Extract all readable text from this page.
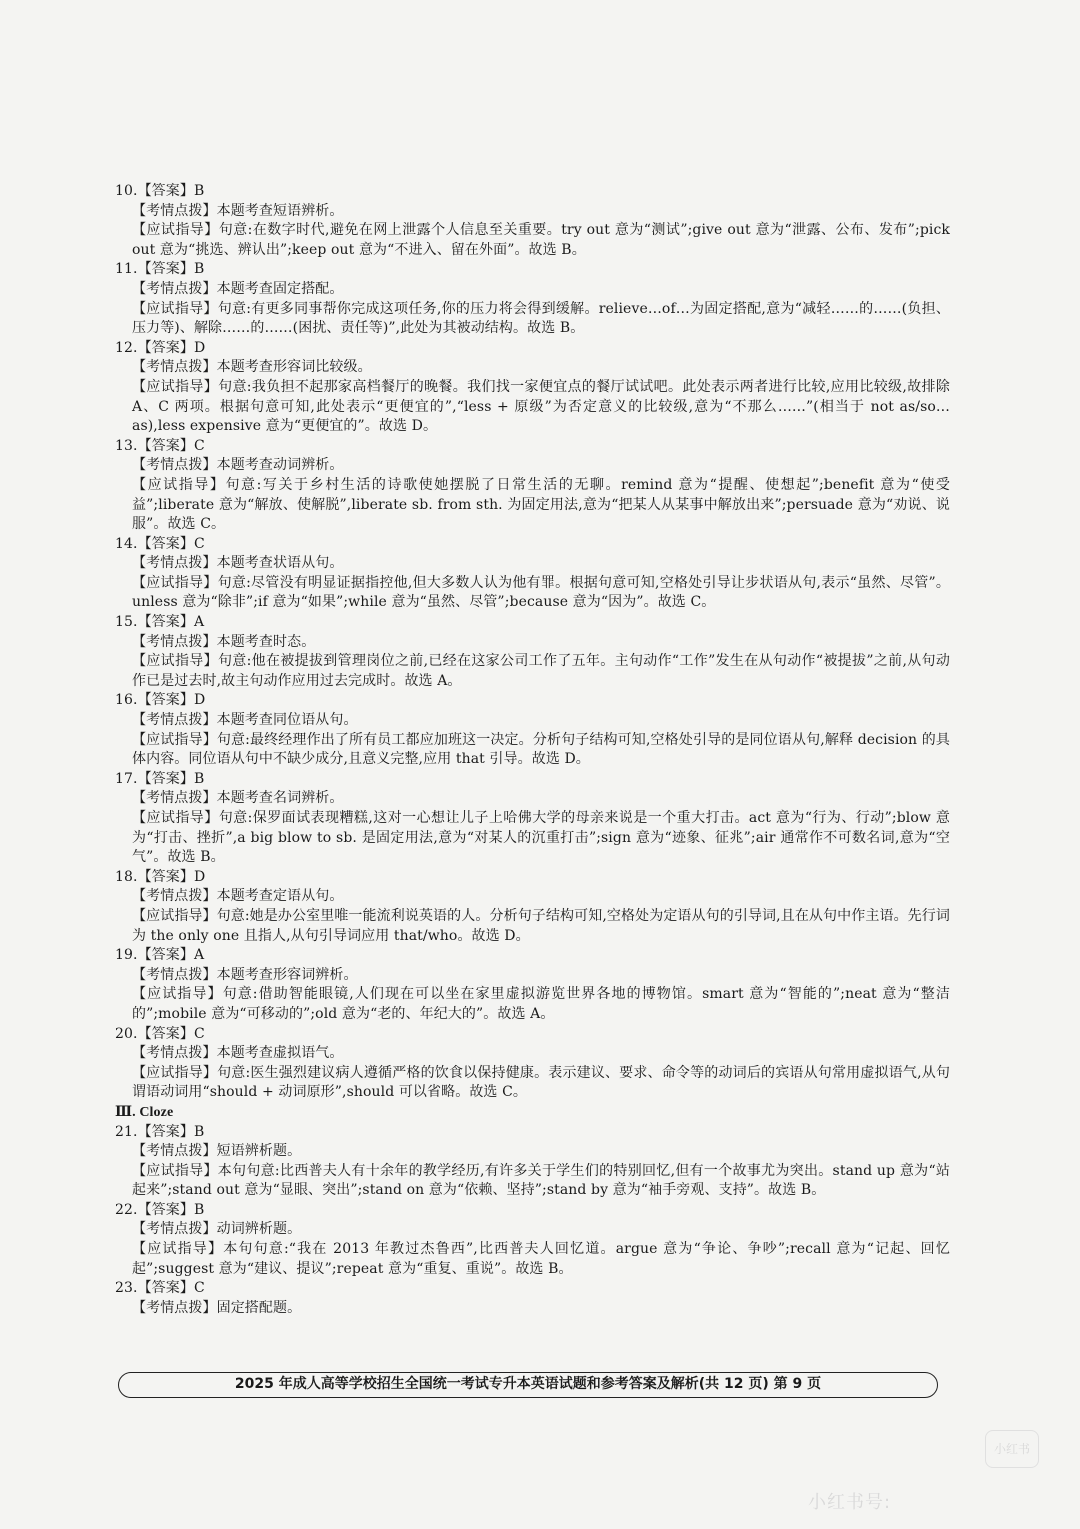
10.【答案】B

【考情点拨】本题考查短语辨析。

【应试指导】句意:在数字时代,避免在网上泄露个人信息至关重要。try out 意为“测试”;give out 意为“泄露、公布、发布”;pick out 意为“挑选、辨认出”;keep out 意为“不进入、留在外面”。故选 B。

11.【答案】B

【考情点拨】本题考查固定搭配。

【应试指导】句意:有更多同事帮你完成这项任务,你的压力将会得到缓解。relieve…of…为固定搭配,意为“减轻……的……(负担、压力等)、解除……的……(困扰、责任等)”,此处为其被动结构。故选 B。

12.【答案】D

【考情点拨】本题考查形容词比较级。

【应试指导】句意:我负担不起那家高档餐厅的晚餐。我们找一家便宜点的餐厅试试吧。此处表示两者进行比较,应用比较级,故排除 A、C 两项。根据句意可知,此处表示“更便宜的”,“less + 原级”为否定意义的比较级,意为“不那么……”(相当于 not as/so…as),less expensive 意为“更便宜的”。故选 D。

13.【答案】C

【考情点拨】本题考查动词辨析。

【应试指导】句意:写关于乡村生活的诗歌使她摆脱了日常生活的无聊。remind 意为“提醒、使想起”;benefit 意为“使受益”;liberate 意为“解放、使解脱”,liberate sb. from sth. 为固定用法,意为“把某人从某事中解放出来”;persuade 意为“劝说、说服”。故选 C。

14.【答案】C

【考情点拨】本题考查状语从句。

【应试指导】句意:尽管没有明显证据指控他,但大多数人认为他有罪。根据句意可知,空格处引导让步状语从句,表示“虽然、尽管”。unless 意为“除非”;if 意为“如果”;while 意为“虽然、尽管”;because 意为“因为”。故选 C。

15.【答案】A

【考情点拨】本题考查时态。

【应试指导】句意:他在被提拔到管理岗位之前,已经在这家公司工作了五年。主句动作“工作”发生在从句动作“被提拔”之前,从句动作已是过去时,故主句动作应用过去完成时。故选 A。

16.【答案】D

【考情点拨】本题考查同位语从句。

【应试指导】句意:最终经理作出了所有员工都应加班这一决定。分析句子结构可知,空格处引导的是同位语从句,解释 decision 的具体内容。同位语从句中不缺少成分,且意义完整,应用 that 引导。故选 D。

17.【答案】B

【考情点拨】本题考查名词辨析。

【应试指导】句意:保罗面试表现糟糕,这对一心想让儿子上哈佛大学的母亲来说是一个重大打击。act 意为“行为、行动”;blow 意为“打击、挫折”,a big blow to sb. 是固定用法,意为“对某人的沉重打击”;sign 意为“迹象、征兆”;air 通常作不可数名词,意为“空气”。故选 B。

18.【答案】D

【考情点拨】本题考查定语从句。

【应试指导】句意:她是办公室里唯一能流利说英语的人。分析句子结构可知,空格处为定语从句的引导词,且在从句中作主语。先行词为 the only one 且指人,从句引导词应用 that/who。故选 D。

19.【答案】A

【考情点拨】本题考查形容词辨析。

【应试指导】句意:借助智能眼镜,人们现在可以坐在家里虚拟游览世界各地的博物馆。smart 意为“智能的”;neat 意为“整洁的”;mobile 意为“可移动的”;old 意为“老的、年纪大的”。故选 A。

20.【答案】C

【考情点拨】本题考查虚拟语气。

【应试指导】句意:医生强烈建议病人遵循严格的饮食以保持健康。表示建议、要求、命令等的动词后的宾语从句常用虚拟语气,从句谓语动词用“should + 动词原形”,should 可以省略。故选 C。

Ⅲ. Cloze

21.【答案】B

【考情点拨】短语辨析题。

【应试指导】本句句意:比西普夫人有十余年的教学经历,有许多关于学生们的特别回忆,但有一个故事尤为突出。stand up 意为“站起来”;stand out 意为“显眼、突出”;stand on 意为“依赖、坚持”;stand by 意为“袖手旁观、支持”。故选 B。

22.【答案】B

【考情点拨】动词辨析题。

【应试指导】本句句意:“我在 2013 年教过杰鲁西”,比西普夫人回忆道。argue 意为“争论、争吵”;recall 意为“记起、回忆起”;suggest 意为“建议、提议”;repeat 意为“重复、重说”。故选 B。

23.【答案】C

【考情点拨】固定搭配题。

2025 年成人高等学校招生全国统一考试专升本英语试题和参考答案及解析(共 12 页) 第 9 页
小红书
小红书号:
